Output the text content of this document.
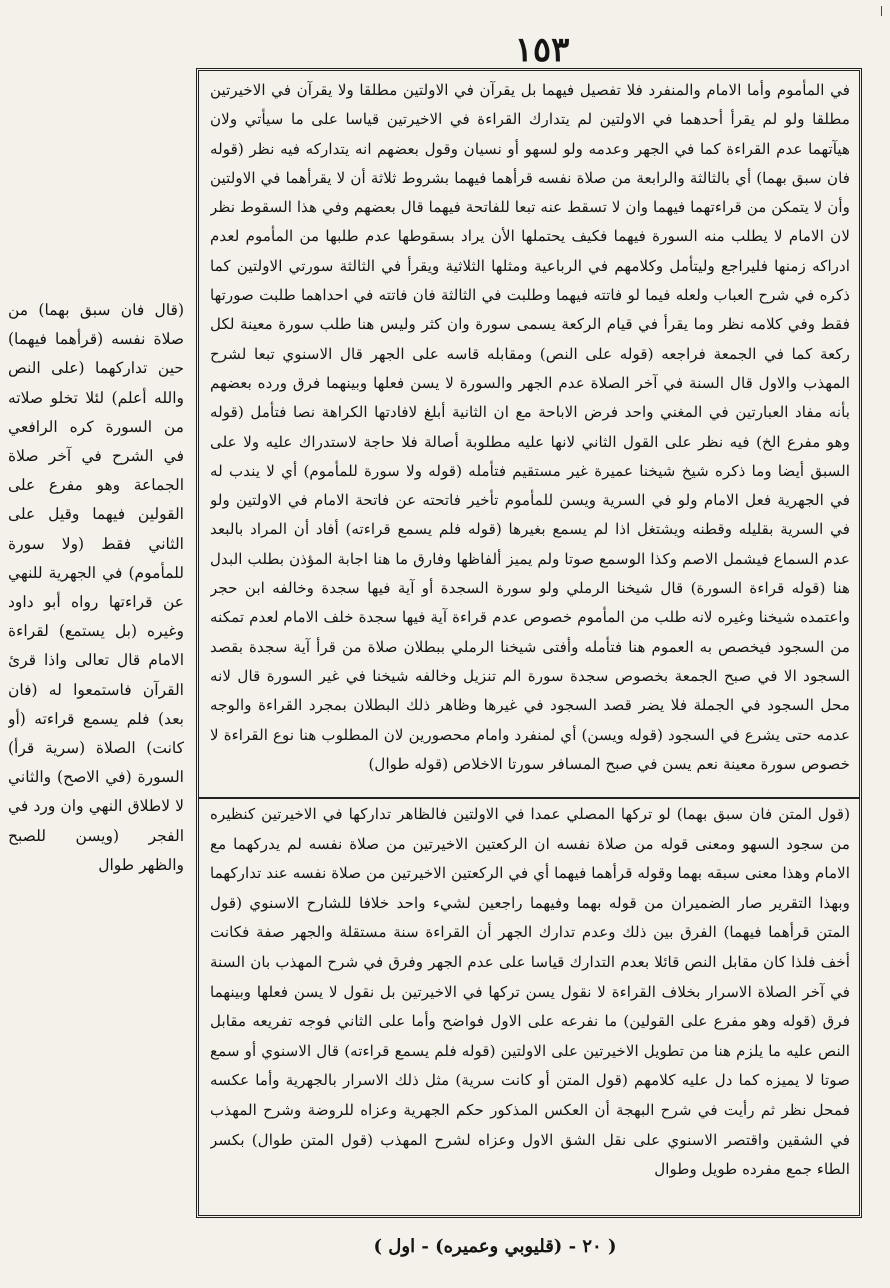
١٥٣

(قال فان سبق بهما) من صلاة نفسه (قرأهما فيهما) حين تداركهما (على النص والله أعلم) لئلا تخلو صلاته من السورة كره الرافعي في الشرح في آخر صلاة الجماعة وهو مفرع على القولين فيهما وقيل على الثاني فقط (ولا سورة للمأموم) في الجهرية للنهي عن قراءتها رواه أبو داود وغيره (بل يستمع) لقراءة الامام قال تعالى واذا قرئ القرآن فاستمعوا له (فان بعد) فلم يسمع قراءته (أو كانت) الصلاة (سرية قرأ) السورة (في الاصح) والثاني لا لاطلاق النهي وان ورد في الفجر (ويسن للصبح والظهر طوال

في المأموم وأما الامام والمنفرد فلا تفصيل فيهما بل يقرآن في الاولتين مطلقا ولا يقرآن في الاخيرتين مطلقا ولو لم يقرأ أحدهما في الاولتين لم يتدارك القراءة في الاخيرتين قياسا على ما سيأتي ولان هيآتهما عدم القراءة كما في الجهر وعدمه ولو لسهو أو نسيان وقول بعضهم انه يتداركه فيه نظر (قوله فان سبق بهما) أي بالثالثة والرابعة من صلاة نفسه قرأهما فيهما بشروط ثلاثة أن لا يقرأهما في الاولتين وأن لا يتمكن من قراءتهما فيهما وان لا تسقط عنه تبعا للفاتحة فيهما قال بعضهم وفي هذا السقوط نظر لان الامام لا يطلب منه السورة فيهما فكيف يحتملها الأن يراد بسقوطها عدم طلبها من المأموم لعدم ادراكه زمنها فليراجع وليتأمل وكلامهم في الرباعية ومثلها الثلاثية ويقرأ في الثالثة سورتي الاولتين كما ذكره في شرح العباب ولعله فيما لو فاتته فيهما وطلبت في الثالثة فان فاتته في احداهما طلبت صورتها فقط وفي كلامه نظر وما يقرأ في قيام الركعة يسمى سورة وان كثر وليس هنا طلب سورة معينة لكل ركعة كما في الجمعة فراجعه (قوله على النص) ومقابله قاسه على الجهر قال الاسنوي تبعا لشرح المهذب والاول قال السنة في آخر الصلاة عدم الجهر والسورة لا يسن فعلها وبينهما فرق ورده بعضهم بأنه مفاد العبارتين في المغني واحد فرض الاباحة مع ان الثانية أبلغ لافادتها الكراهة نصا فتأمل (قوله وهو مفرع الخ) فيه نظر على القول الثاني لانها عليه مطلوبة أصالة فلا حاجة لاستدراك عليه ولا على السبق أيضا وما ذكره شيخ شيخنا عميرة غير مستقيم فتأمله (قوله ولا سورة للمأموم) أي لا يندب له في الجهرية فعل الامام ولو في السرية ويسن للمأموم تأخير فاتحته عن فاتحة الامام في الاولتين ولو في السرية بقليله وقطنه ويشتغل اذا لم يسمع بغيرها (قوله فلم يسمع قراءته) أفاد أن المراد بالبعد عدم السماع فيشمل الاصم وكذا الوسمع صوتا ولم يميز ألفاظها وفارق ما هنا اجابة المؤذن بطلب البدل هنا (قوله قراءة السورة) قال شيخنا الرملي ولو سورة السجدة أو آية فيها سجدة وخالفه ابن حجر واعتمده شيخنا وغيره لانه طلب من المأموم خصوص عدم قراءة آية فيها سجدة خلف الامام لعدم تمكنه من السجود فيخصص به العموم هنا فتأمله وأفتى شيخنا الرملي ببطلان صلاة من قرأ آية سجدة بقصد السجود الا في صبح الجمعة بخصوص سجدة سورة الم تنزيل وخالفه شيخنا في غير السورة قال لانه محل السجود في الجملة فلا يضر قصد السجود في غيرها وظاهر ذلك البطلان بمجرد القراءة والوجه عدمه حتى يشرع في السجود (قوله ويسن) أي لمنفرد وامام محصورين لان المطلوب هنا نوع القراءة لا خصوص سورة معينة نعم يسن في صبح المسافر سورتا الاخلاص (قوله طوال)

(قول المتن فان سبق بهما) لو تركها المصلي عمدا في الاولتين فالظاهر تداركها في الاخيرتين كنظيره من سجود السهو ومعنى قوله من صلاة نفسه ان الركعتين الاخيرتين من صلاة نفسه لم يدركهما مع الامام وهذا معنى سبقه بهما وقوله قرأهما فيهما أي في الركعتين الاخيرتين من صلاة نفسه عند تداركهما وبهذا التقرير صار الضميران من قوله بهما وفيهما راجعين لشيء واحد خلافا للشارح الاسنوي (قول المتن قرأهما فيهما) الفرق بين ذلك وعدم تدارك الجهر أن القراءة سنة مستقلة والجهر صفة فكانت أخف فلذا كان مقابل النص قائلا بعدم التدارك قياسا على عدم الجهر وفرق في شرح المهذب بان السنة في آخر الصلاة الاسرار بخلاف القراءة لا نقول يسن تركها في الاخيرتين بل نقول لا يسن فعلها وبينهما فرق (قوله وهو مفرع على القولين) ما نفرعه على الاول فواضح وأما على الثاني فوجه تفريعه مقابل النص عليه ما يلزم هنا من تطويل الاخيرتين على الاولتين (قوله فلم يسمع قراءته) قال الاسنوي أو سمع صوتا لا يميزه كما دل عليه كلامهم (قول المتن أو كانت سرية) مثل ذلك الاسرار بالجهرية وأما عكسه فمحل نظر ثم رأيت في شرح البهجة أن العكس المذكور حكم الجهرية وعزاه للروضة وشرح المهذب في الشقين واقتصر الاسنوي على نقل الشق الاول وعزاه لشرح المهذب (قول المتن طوال) بكسر الطاء جمع مفرده طويل وطوال

( ٢٠ - (قليوبي وعميره) - اول )
